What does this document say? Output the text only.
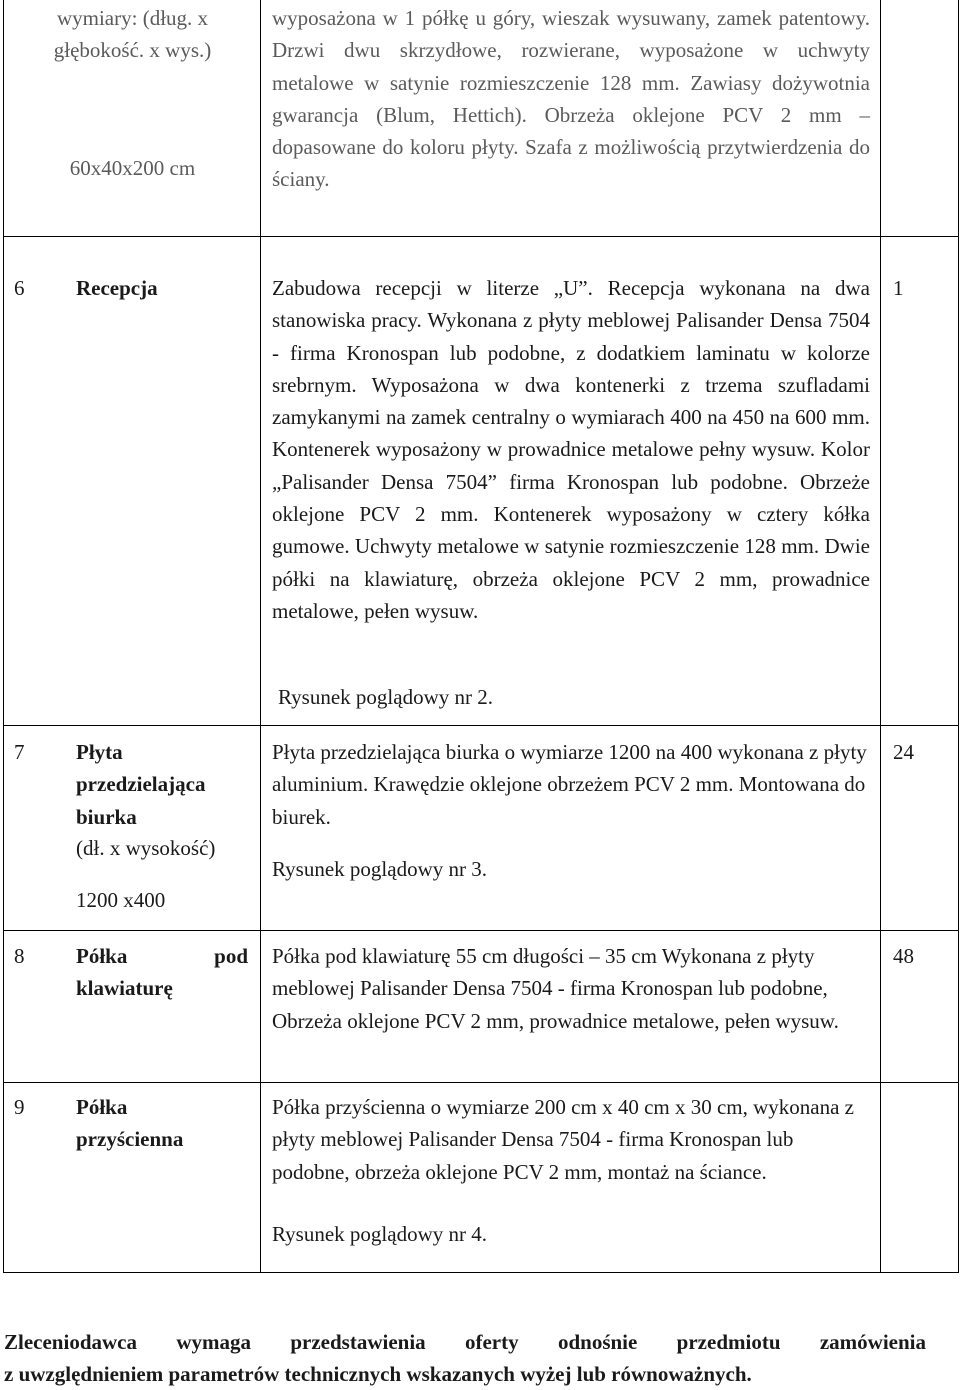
wymiary: (dług. x głębokość. x wys.)
60x40x200 cm
wyposażona w 1 półkę u góry, wieszak wysuwany, zamek patentowy. Drzwi dwu skrzydłowe, rozwierane, wyposażone w uchwyty metalowe w satynie rozmieszczenie 128 mm. Zawiasy dożywotnia gwarancja (Blum, Hettich). Obrzeża oklejone PCV 2 mm – dopasowane do koloru płyty. Szafa z możliwością przytwierdzenia do ściany.
6 Recepcja	Zabudowa recepcji w literze „U”. Recepcja wykonana na dwa stanowiska pracy. Wykonana z płyty meblowej Palisander Densa 7504 - firma Kronospan lub podobne, z dodatkiem laminatu w kolorze srebrnym. Wyposażona w dwa kontenerki z trzema szufladami zamykanymi na zamek centralny o wymiarach 400 na 450 na 600 mm. Kontenerek wyposażony w prowadnice metalowe pełny wysuw. Kolor „Palisander Densa 7504” firma Kronospan lub podobne. Obrzeże oklejone PCV 2 mm. Kontenerek wyposażony w cztery kółka gumowe. Uchwyty metalowe w satynie rozmieszczenie 128 mm. Dwie półki na klawiaturę, obrzeża oklejone PCV 2 mm, prowadnice metalowe, pełen wysuw.
Rysunek poglądowy nr 2.
1
7 Płyta przedzielająca biurka
(dł. x wysokość)
1200 x400
Płyta przedzielająca biurka o wymiarze 1200 na 400 wykonana z płyty aluminium. Krawędzie oklejone obrzeżem PCV 2 mm. Montowana do biurek.
Rysunek poglądowy nr 3.
24
8 Półka pod
klawiaturę
Półka pod klawiaturę 55 cm długości – 35 cm Wykonana z płyty meblowej Palisander Densa 7504 - firma Kronospan lub podobne, Obrzeża oklejone PCV 2 mm, prowadnice metalowe, pełen wysuw.
48
9 Półka przyścienna
Półka przyścienna o wymiarze 200 cm x 40 cm x 30 cm, wykonana z płyty meblowej Palisander Densa 7504 - firma Kronospan lub podobne, obrzeża oklejone PCV 2 mm, montaż na ściance.
Rysunek poglądowy nr 4.
Zleceniodawca wymaga przedstawienia oferty odnośnie przedmiotu zamówienia
z uwzględnieniem parametrów technicznych wskazanych wyżej lub równoważnych.
